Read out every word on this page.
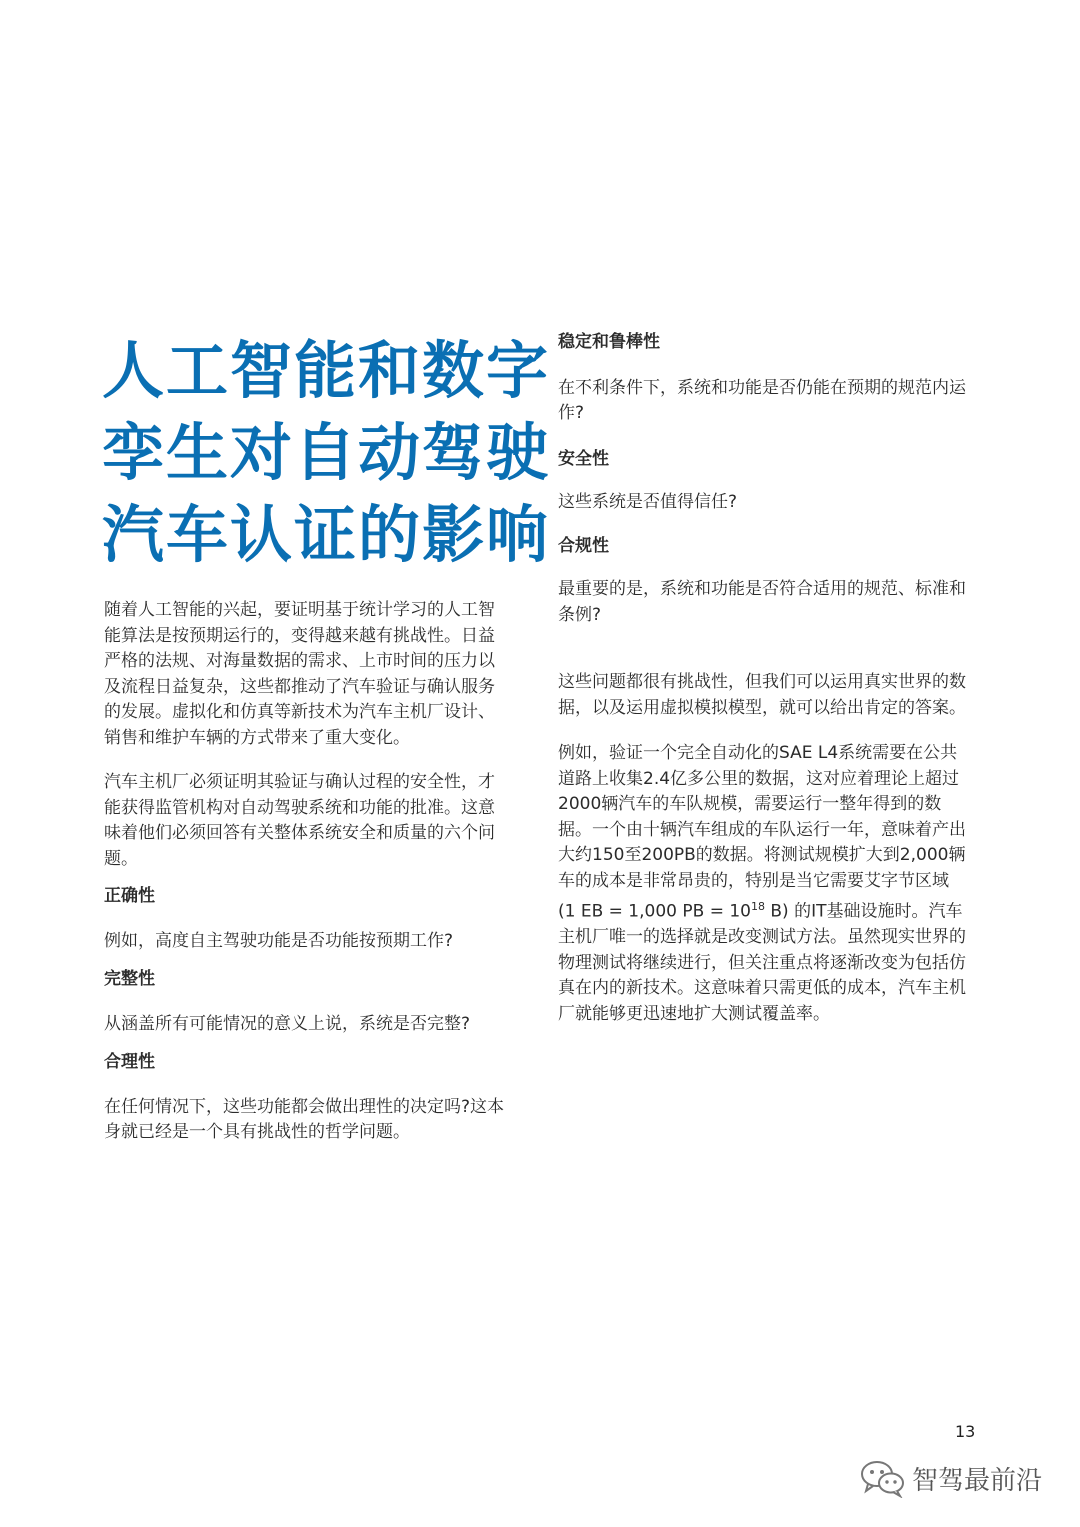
人工智能和数字
孪生对自动驾驶
汽车认证的影响

随着人工智能的兴起，要证明基于统计学习的人工智能算法是按预期运行的，变得越来越有挑战性。日益严格的法规、对海量数据的需求、上市时间的压力以及流程日益复杂，这些都推动了汽车验证与确认服务的发展。虚拟化和仿真等新技术为汽车主机厂设计、销售和维护车辆的方式带来了重大变化。

汽车主机厂必须证明其验证与确认过程的安全性，才能获得监管机构对自动驾驶系统和功能的批准。这意味着他们必须回答有关整体系统安全和质量的六个问题。

正确性

例如，高度自主驾驶功能是否功能按预期工作?

完整性

从涵盖所有可能情况的意义上说，系统是否完整?

合理性

在任何情况下，这些功能都会做出理性的决定吗?这本身就已经是一个具有挑战性的哲学问题。

稳定和鲁棒性

在不利条件下，系统和功能是否仍能在预期的规范内运作?

安全性

这些系统是否值得信任?

合规性

最重要的是，系统和功能是否符合适用的规范、标准和条例?

这些问题都很有挑战性，但我们可以运用真实世界的数据，以及运用虚拟模拟模型，就可以给出肯定的答案。

例如，验证一个完全自动化的SAE L4系统需要在公共道路上收集2.4亿多公里的数据，这对应着理论上超过2000辆汽车的车队规模，需要运行一整年得到的数据。一个由十辆汽车组成的车队运行一年，意味着产出大约150至200PB的数据。将测试规模扩大到2,000辆车的成本是非常昂贵的，特别是当它需要艾字节区域 (1 EB = 1,000 PB = $10^{18}$ B) 的IT基础设施时。汽车主机厂唯一的选择就是改变测试方法。虽然现实世界的物理测试将继续进行，但关注重点将逐渐改变为包括仿真在内的新技术。这意味着只需更低的成本，汽车主机厂就能够更迅速地扩大测试覆盖率。

13
智驾最前沿
